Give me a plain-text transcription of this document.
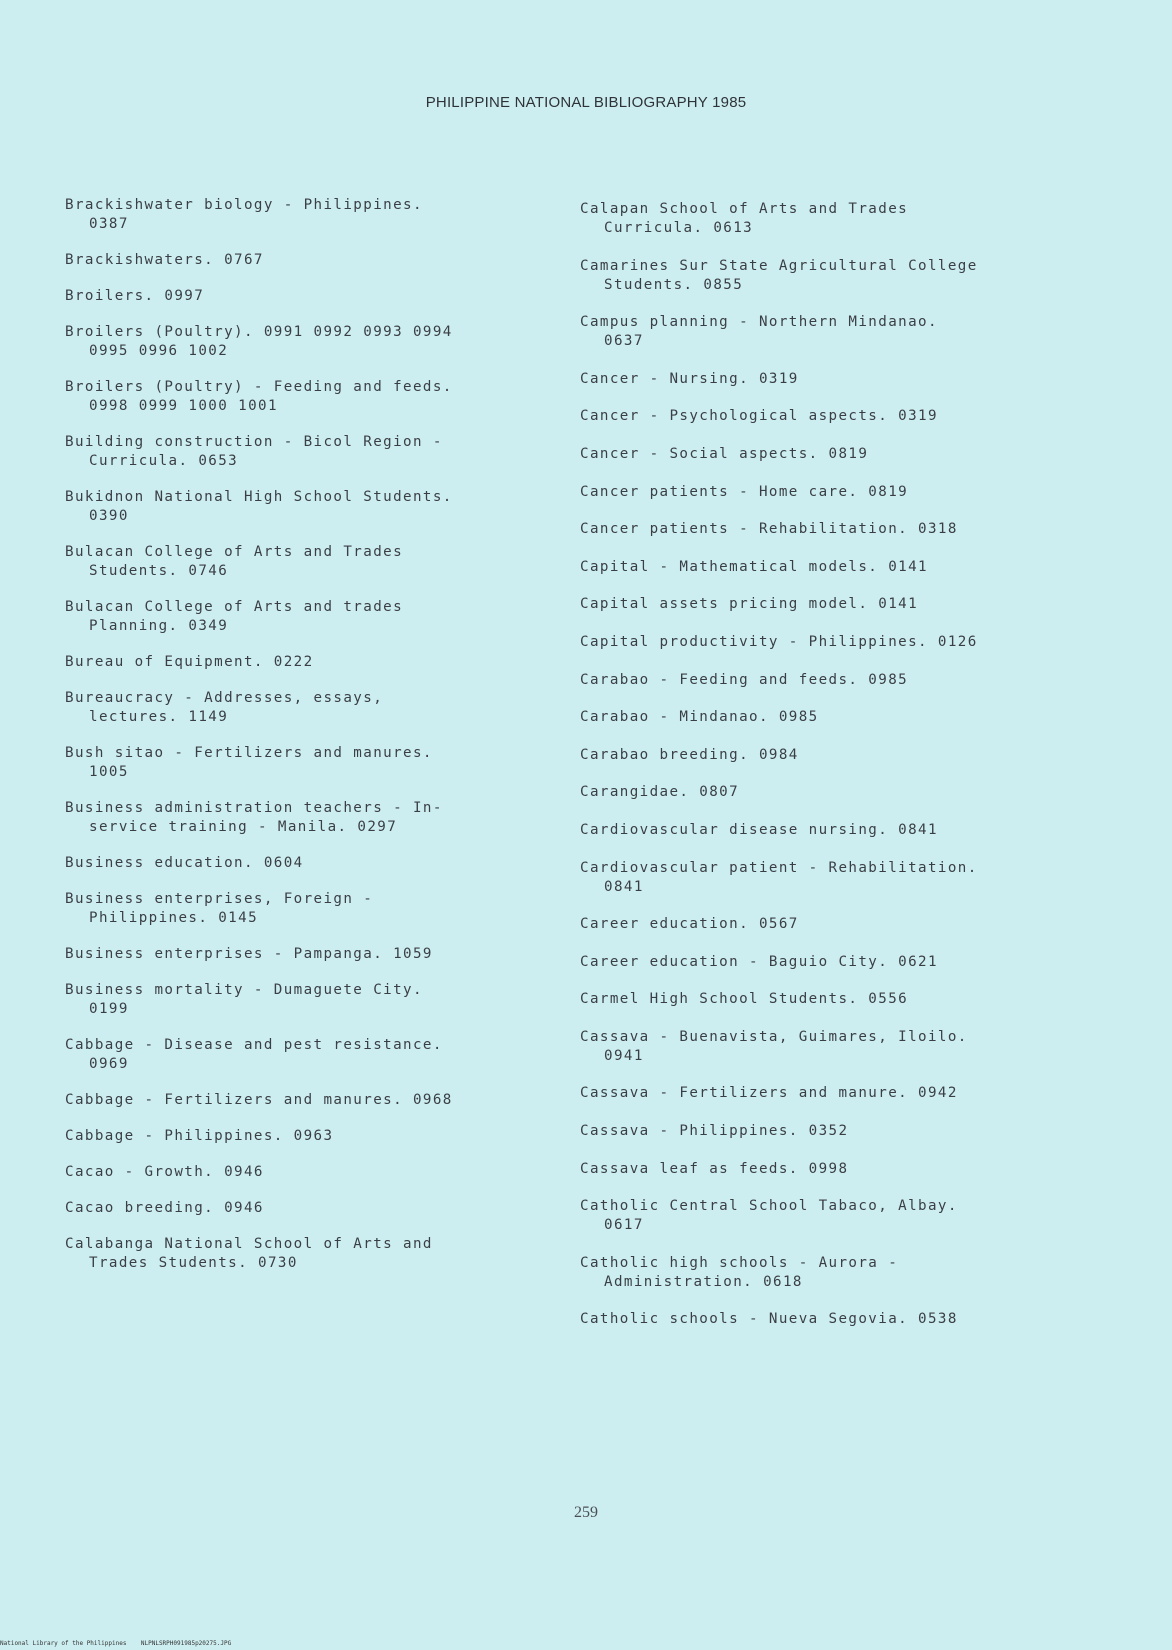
PHILIPPINE NATIONAL BIBLIOGRAPHY 1985
Brackishwater biology - Philippines.
0387
Brackishwaters. 0767
Broilers. 0997
Broilers (Poultry). 0991 0992 0993 0994
0995 0996 1002
Broilers (Poultry) - Feeding and feeds.
0998 0999 1000 1001
Building construction - Bicol Region -
Curricula. 0653
Bukidnon National High School Students.
0390
Bulacan College of Arts and Trades
Students. 0746
Bulacan College of Arts and trades
Planning. 0349
Bureau of Equipment. 0222
Bureaucracy - Addresses, essays,
lectures. 1149
Bush sitao - Fertilizers and manures.
1005
Business administration teachers - In-
service training - Manila. 0297
Business education. 0604
Business enterprises, Foreign -
Philippines. 0145
Business enterprises - Pampanga. 1059
Business mortality - Dumaguete City.
0199
Cabbage - Disease and pest resistance.
0969
Cabbage - Fertilizers and manures. 0968
Cabbage - Philippines. 0963
Cacao - Growth. 0946
Cacao breeding. 0946
Calabanga National School of Arts and
Trades Students. 0730
Calapan School of Arts and Trades
Curricula. 0613
Camarines Sur State Agricultural College
Students. 0855
Campus planning - Northern Mindanao.
0637
Cancer - Nursing. 0319
Cancer - Psychological aspects. 0319
Cancer - Social aspects. 0819
Cancer patients - Home care. 0819
Cancer patients - Rehabilitation. 0318
Capital - Mathematical models. 0141
Capital assets pricing model. 0141
Capital productivity - Philippines. 0126
Carabao - Feeding and feeds. 0985
Carabao - Mindanao. 0985
Carabao breeding. 0984
Carangidae. 0807
Cardiovascular disease nursing. 0841
Cardiovascular patient - Rehabilitation.
0841
Career education. 0567
Career education - Baguio City. 0621
Carmel High School Students. 0556
Cassava - Buenavista, Guimares, Iloilo.
0941
Cassava - Fertilizers and manure. 0942
Cassava - Philippines. 0352
Cassava leaf as feeds. 0998
Catholic Central School Tabaco, Albay.
0617
Catholic high schools - Aurora -
Administration. 0618
Catholic schools - Nueva Segovia. 0538
259
National Library of the Philippines    NLPNLSRPH091985p20275.JPG
